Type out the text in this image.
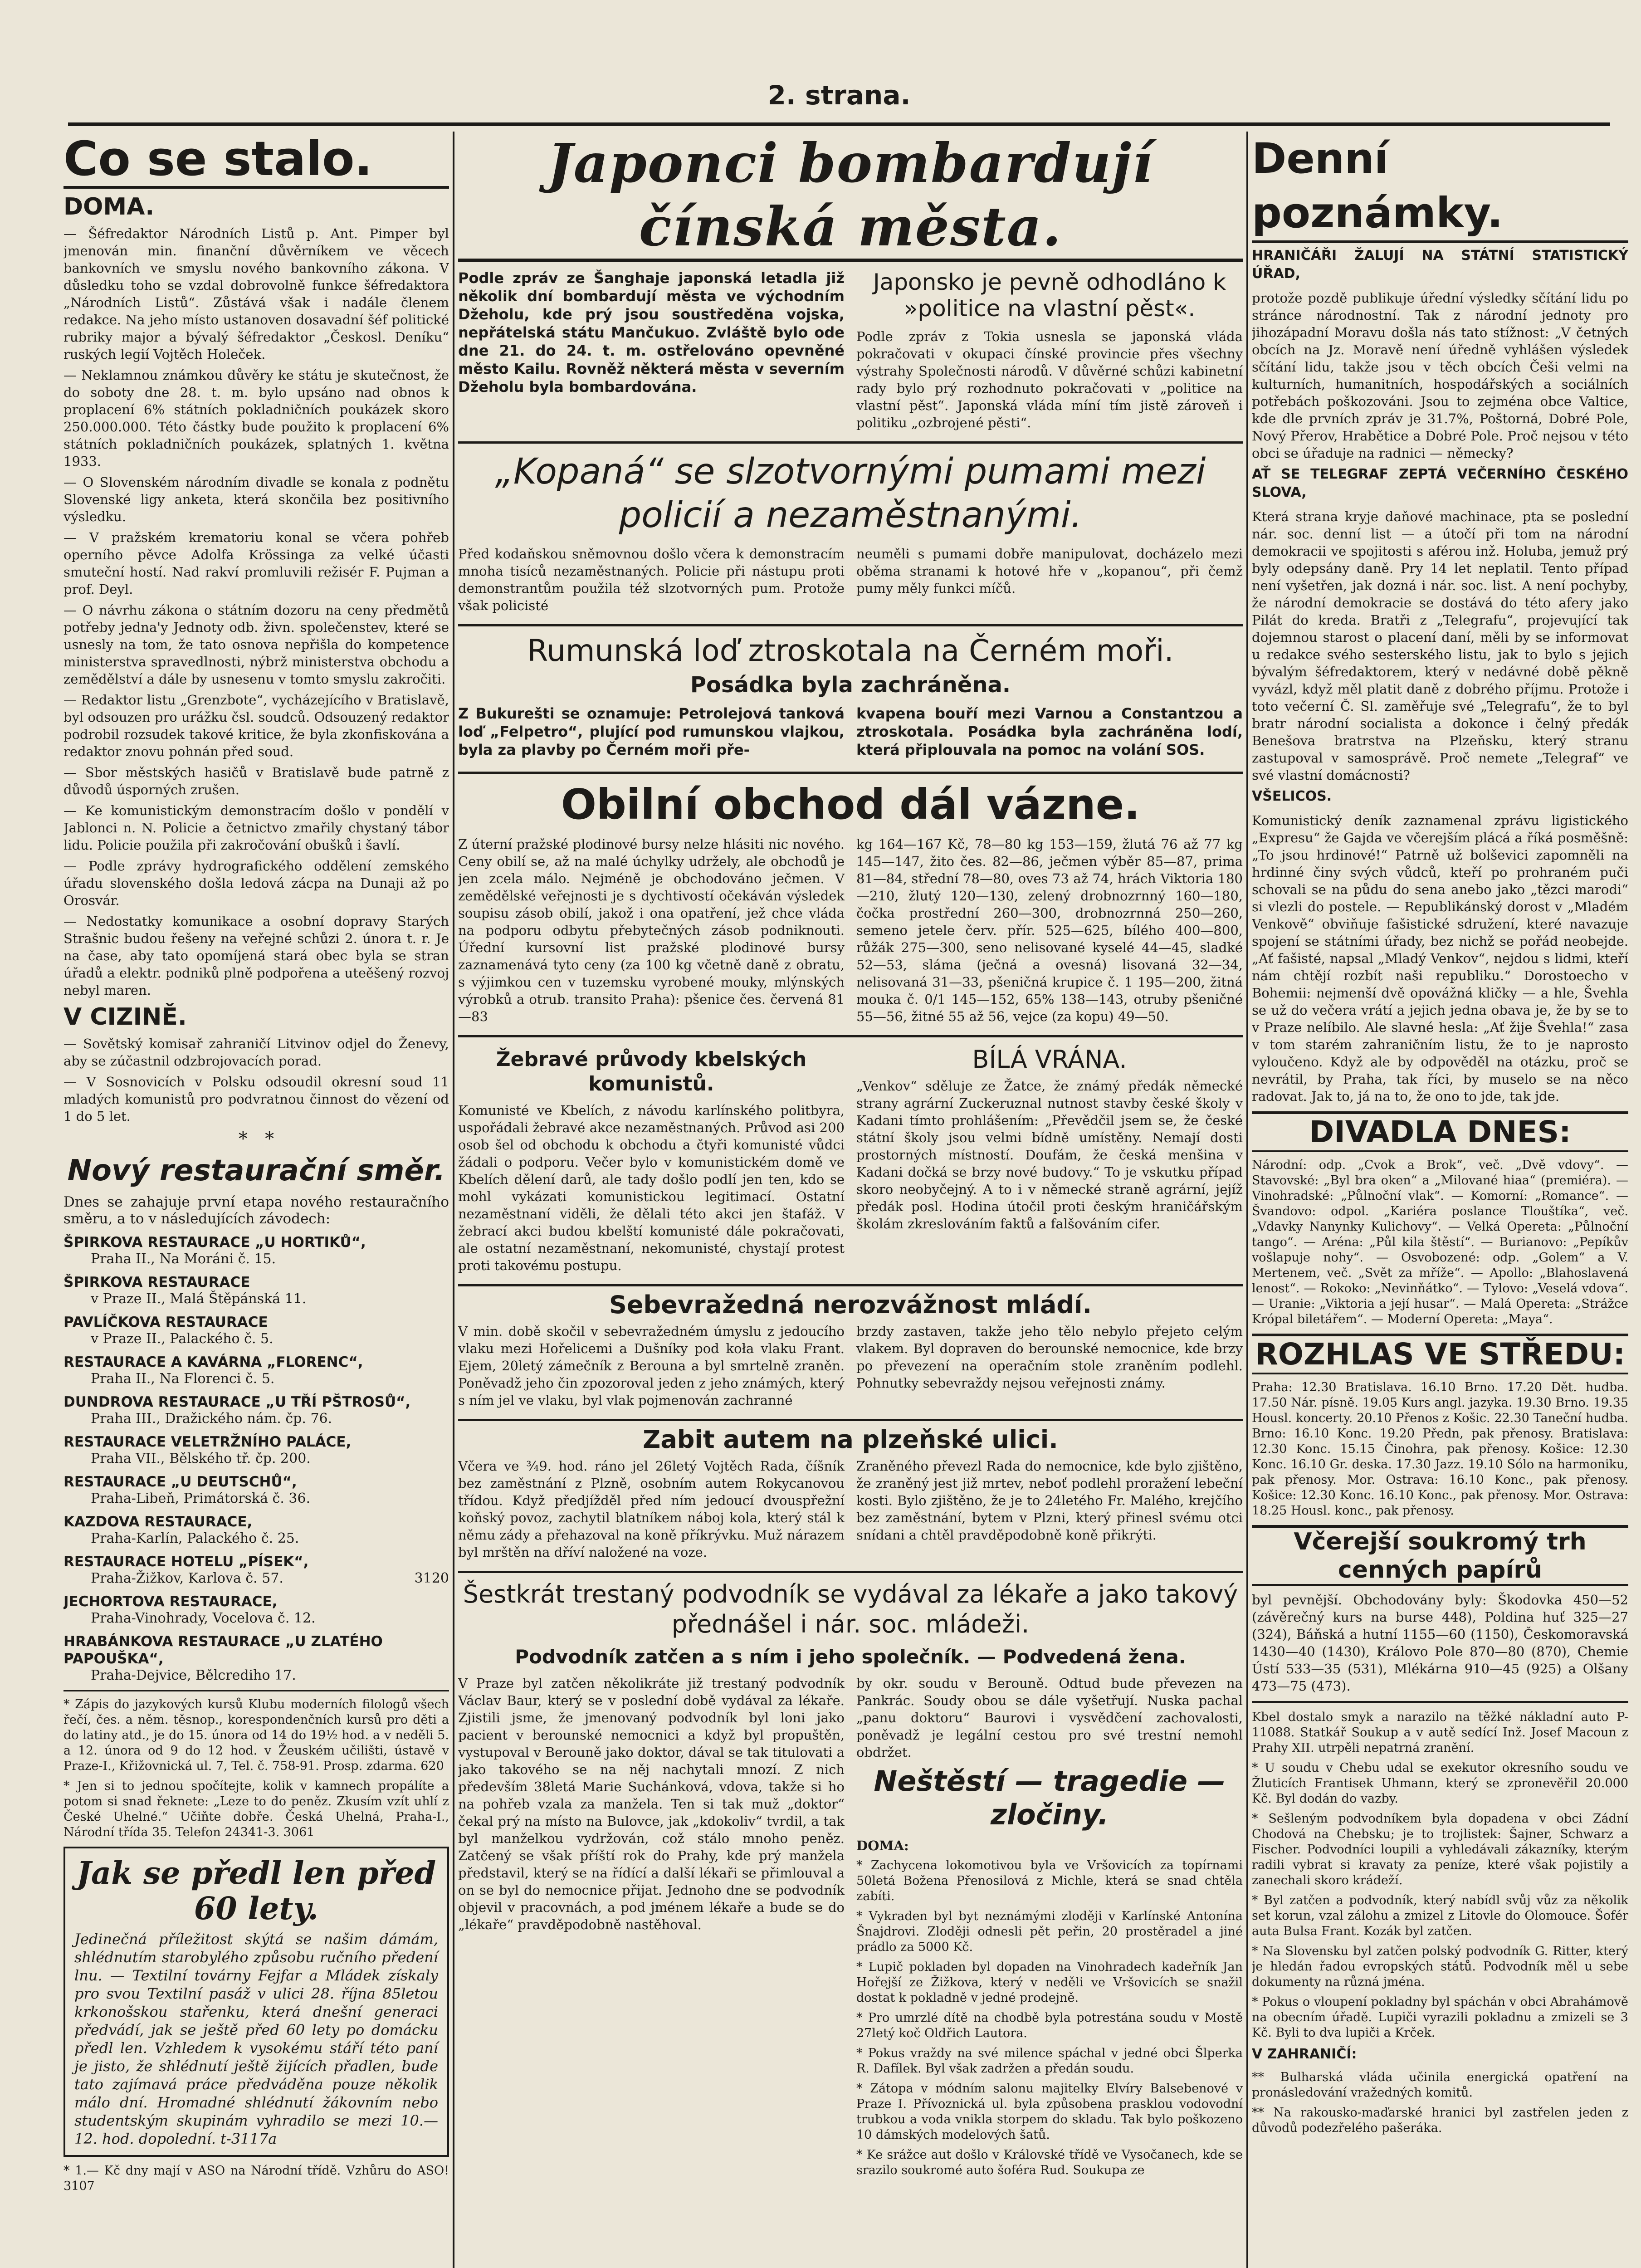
2. strana.
Co se stalo.
DOMA.

— Šéfredaktor Národních Listů p. Ant. Pimper byl jmenován min. finanční důvěrníkem ve věcech bankovních ve smyslu nového bankovního zákona. V důsledku toho se vzdal dobrovolně funkce šéfredaktora „Národních Listů“. Zůstává však i nadále členem redakce. Na jeho místo ustanoven dosavadní šéf politické rubriky major a bývalý šéfredaktor „Českosl. Deníku“ ruských legií Vojtěch Holeček.

— Neklamnou známkou důvěry ke státu je skutečnost, že do soboty dne 28. t. m. bylo upsáno nad obnos k proplacení 6% státních pokladničních poukázek skoro 250.000.000. Této částky bude použito k proplacení 6% státních pokladničních poukázek, splatných 1. května 1933.

— O Slovenském národním divadle se konala z podnětu Slovenské ligy anketa, která skončila bez positivního výsledku.

— V pražském krematoriu konal se včera pohřeb operního pěvce Adolfa Krössinga za velké účasti smuteční hostí. Nad rakví promluvili režisér F. Pujman a prof. Deyl.

— O návrhu zákona o státním dozoru na ceny předmětů potřeby jedna'y Jednoty odb. živn. společenstev, které se usnesly na tom, že tato osnova nepřišla do kompetence ministerstva spravedlnosti, nýbrž ministerstva obchodu a zemědělství a dále by usnesenu v tomto smyslu zakročiti.

— Redaktor listu „Grenzbote“, vycházejícího v Bratislavě, byl odsouzen pro urážku čsl. soudců. Odsouzený redaktor podrobil rozsudek takové kritice, že byla zkonfiskována a redaktor znovu pohnán před soud.

— Sbor městských hasičů v Bratislavě bude patrně z důvodů úsporných zrušen.

— Ke komunistickým demonstracím došlo v pondělí v Jablonci n. N. Policie a četnictvo zmařily chystaný tábor lidu. Policie použila při zakročování obušků i šavlí.

— Podle zprávy hydrografického oddělení zemského úřadu slovenského došla ledová zácpa na Dunaji až po Orosvár.

— Nedostatky komunikace a osobní dopravy Starých Strašnic budou řešeny na veřejné schůzi 2. února t. r. Je na čase, aby tato opomíjená stará obec byla se stran úřadů a elektr. podniků plně podpořena a uteěšený rozvoj nebyl maren.

V CIZINĚ.

— Sovětský komisař zahraničí Litvinov odjel do Ženevy, aby se zúčastnil odzbrojovacích porad.

— V Sosnovicích v Polsku odsoudil okresní soud 11 mladých komunistů pro podvratnou činnost do vězení od 1 do 5 let.

*   *
Nový restaurační směr.

Dnes se zahajuje první etapa nového restauračního směru, a to v následujících závodech:

ŠPIRKOVA RESTAURACE „U HORTIKŮ“,
Praha II., Na Moráni č. 15.
ŠPIRKOVA RESTAURACE
v Praze II., Malá Štěpánská 11.
PAVLÍČKOVA RESTAURACE
v Praze II., Palackého č. 5.
RESTAURACE A KAVÁRNA „FLORENC“,
Praha II., Na Florenci č. 5.
DUNDROVA RESTAURACE „U TŘÍ PŠTROSŮ“,
Praha III., Dražického nám. čp. 76.
RESTAURACE VELETRŽNÍHO PALÁCE,
Praha VII., Bělského tř. čp. 200.
RESTAURACE „U DEUTSCHŮ“,
Praha-Libeň, Primátorská č. 36.
KAZDOVA RESTAURACE,
Praha-Karlín, Palackého č. 25.
RESTAURACE HOTELU „PÍSEK“,
Praha-Žižkov, Karlova č. 57.	3120
JECHORTOVA RESTAURACE,
Praha-Vinohrady, Vocelova č. 12.
HRABÁNKOVA RESTAURACE „U ZLATÉHO PAPOUŠKA“,
Praha-Dejvice, Bělcrediho 17.

* Zápis do jazykových kursů Klubu moderních filologů všech řečí, čes. a něm. těsnop., korespondenčních kursů pro děti a do latiny atd., je do 15. února od 14 do 19½ hod. a v neděli 5. a 12. února od 9 do 12 hod. v Žeuském učilišti, ústavě v Praze-I., Křižovnická ul. 7, Tel. č. 758-91. Prosp. zdarma. 620

* Jen si to jednou spočítejte, kolik v kamnech propálíte a potom si snad řeknete: „Leze to do peněz. Zkusím vzít uhlí z České Uhelné.“ Učiňte dobře. Česká Uhelná, Praha-I., Národní třída 35. Telefon 24341-3. 3061

Jak se předl len před 60 lety.

Jedinečná příležitost skýtá se našim dámám, shlédnutím starobylého způsobu ručního předení lnu. — Textilní továrny Fejfar a Mládek získaly pro svou Textilní pasáž v ulici 28. října 85letou krkonošskou stařenku, která dnešní generaci předvádí, jak se ještě před 60 lety po domácku předl len. Vzhledem k vysokému stáří této paní je jisto, že shlédnutí ještě žijících přadlen, bude tato zajímavá práce předváděna pouze několik málo dní. Hromadné shlédnutí žákovním nebo studentským skupinám vyhradilo se mezi 10.—12. hod. dopolední. t-3117a

* 1.— Kč dny mají v ASO na Národní třídě. Vzhůru do ASO! 3107

Japonci bombardují čínská města.

Podle zpráv ze Šanghaje japonská letadla již několik dní bombardují města ve východním Džeholu, kde prý jsou soustředěna vojska, nepřátelská státu Mančukuo. Zvláště bylo ode dne 21. do 24. t. m. ostřelováno opevněné město Kailu. Rovněž některá města v severním Džeholu byla bombardována.

Japonsko je pevně odhodláno k »politice na vlastní pěst«.

Podle zpráv z Tokia usnesla se japonská vláda pokračovati v okupaci čínské provincie přes všechny výstrahy Společnosti národů. V důvěrné schůzi kabinetní rady bylo prý rozhodnuto pokračovati v „politice na vlastní pěst“. Japonská vláda míní tím jistě zároveň i politiku „ozbrojené pěsti“.

„Kopaná“ se slzotvornými pumami mezi policií a nezaměstnanými.

Před kodaňskou sněmovnou došlo včera k demonstracím mnoha tisíců nezaměstnaných. Policie při nástupu proti demonstrantům použila též slzotvorných pum. Protože však policisté

neuměli s pumami dobře manipulovat, docházelo mezi oběma stranami k hotové hře v „kopanou“, při čemž pumy měly funkci míčů.

Rumunská loď ztroskotala na Černém moři.
Posádka byla zachráněna.

Z Bukurešti se oznamuje: Petrolejová tanková loď „Felpetro“, plující pod rumunskou vlajkou, byla za plavby po Černém moři pře-

kvapena bouří mezi Varnou a Constantzou a ztroskotala. Posádka byla zachráněna lodí, která připlouvala na pomoc na volání SOS.

Obilní obchod dál vázne.

Z úterní pražské plodinové bursy nelze hlásiti nic nového. Ceny obilí se, až na malé úchylky udržely, ale obchodů je jen zcela málo. Nejméně je obchodováno ječmen. V zemědělské veřejnosti je s dychtivostí očekáván výsledek soupisu zásob obilí, jakož i ona opatření, jež chce vláda na podporu odbytu přebytečných zásob podniknouti. Úřední kursovní list pražské plodinové bursy zaznamenává tyto ceny (za 100 kg včetně daně z obratu, s výjimkou cen v tuzemsku vyrobené mouky, mlýnských výrobků a otrub. transito Praha): pšenice čes. červená 81—83

kg 164—167 Kč, 78—80 kg 153—159, žlutá 76 až 77 kg 145—147, žito čes. 82—86, ječmen výběr 85—87, prima 81—84, střední 78—80, oves 73 až 74, hrách Viktoria 180—210, žlutý 120—130, zelený drobnozrnný 160—180, čočka prostřední 260—300, drobnozrnná 250—260, semeno jetele červ. přír. 525—625, bílého 400—800, růžák 275—300, seno nelisované kyselé 44—45, sladké 52—53, sláma (ječná a ovesná) lisovaná 32—34, nelisovaná 31—33, pšeničná krupice č. 1 195—200, žitná mouka č. 0/1 145—152, 65% 138—143, otruby pšeničné 55—56, žitné 55 až 56, vejce (za kopu) 49—50.

Žebravé průvody kbelských komunistů.

Komunisté ve Kbelích, z návodu karlínského politbyra, uspořádali žebravé akce nezaměstnaných. Průvod asi 200 osob šel od obchodu k obchodu a čtyři komunisté vůdci žádali o podporu. Večer bylo v komunistickém domě ve Kbelích dělení darů, ale tady došlo podlí jen ten, kdo se mohl vykázati komunistickou legitimací. Ostatní nezaměstnaní viděli, že dělali této akci jen štafáž. V žebrací akci budou kbelští komunisté dále pokračovati, ale ostatní nezaměstnaní, nekomunisté, chystají protest proti takovému postupu.

BÍLÁ VRÁNA.

„Venkov“ sděluje ze Žatce, že známý předák německé strany agrární Zuckeruznal nutnost stavby české školy v Kadani tímto prohlášením: „Převědčil jsem se, že české státní školy jsou velmi bídně umístěny. Nemají dosti prostorných místností. Doufám, že česká menšina v Kadani dočká se brzy nové budovy.“ To je vskutku případ skoro neobyčejný. A to i v německé straně agrární, jejíž předák posl. Hodina útočil proti českým hraničářským školám zkreslováním faktů a falšováním cifer.

Sebevražedná nerozvážnost mládí.

V min. době skočil v sebevražedném úmyslu z jedoucího vlaku mezi Hořelicemi a Dušníky pod koła vlaku Frant. Ejem, 20letý zámečník z Berouna a byl smrtelně zraněn. Poněvadž jeho čin zpozoroval jeden z jeho známých, který s ním jel ve vlaku, byl vlak pojmenován zachranné

brzdy zastaven, takže jeho tělo nebylo přejeto celým vlakem. Byl dopraven do berounské nemocnice, kde brzy po převezení na operačním stole zraněním podlehl. Pohnutky sebevraždy nejsou veřejnosti známy.

Zabit autem na plzeňské ulici.

Včera ve ¾9. hod. ráno jel 26letý Vojtěch Rada, číšník bez zaměstnání z Plzně, osobním autem Rokycanovou třídou. Když předjížděl před ním jedoucí dvouspřežní koňský povoz, zachytil blatníkem náboj kola, který stál k němu zády a přehazoval na koně příkrývku. Muž nárazem byl mrštěn na dříví naložené na voze.

Zraněného převezl Rada do nemocnice, kde bylo zjištěno, že zraněný jest již mrtev, neboť podlehl proražení lebeční kosti. Bylo zjištěno, že je to 24letého Fr. Malého, krejčího bez zaměstnání, bytem v Plzni, který přinesl svému otci snídani a chtěl pravděpodobně koně přikrýti.

Šestkrát trestaný podvodník se vydával za lékaře a jako takový přednášel i nár. soc. mládeži.
Podvodník zatčen a s ním i jeho společník. — Podvedená žena.

V Praze byl zatčen několikráte již trestaný podvodník Václav Baur, který se v poslední době vydával za lékaře. Zjistili jsme, že jmenovaný podvodník byl loni jako pacient v berounské nemocnici a když byl propuštěn, vystupoval v Berouně jako doktor, dával se tak titulovati a jako takového se na něj nachytali mnozí. Z nich především 38letá Marie Suchánková, vdova, takže si ho na pohřeb vzala za manžela. Ten si tak muž „doktor“ čekal prý na místo na Bulovce, jak „kdokoliv“ tvrdil, a tak byl manželkou vydržován, což stálo mnoho peněz. Zatčený se však příští rok do Prahy, kde prý manžela představil, který se na řídící a další lékaři se přimlouval a on se byl do nemocnice přijat. Jednoho dne se podvodník objevil v pracovnách, a pod jménem lékaře a bude se do „lékaře“ pravděpodobně nastěhoval.

by okr. soudu v Berouně. Odtud bude převezen na Pankrác. Soudy obou se dále vyšetřují. Nuska pachal „panu doktoru“ Baurovi i vysvědčení zachovalosti, poněvadž je legální cestou pro své trestní nemohl obdržet.

Neštěstí — tragedie — zločiny.

DOMA:

* Zachycena lokomotivou byla ve Vršovicích za topírnami 50letá Božena Přenosilová z Michle, která se snad chtěla zabíti.

* Vykraden byl byt neznámými zloději v Karlínské Antonína Šnajdrovi. Zloději odnesli pět peřin, 20 prostěradel a jiné prádlo za 5000 Kč.

* Lupič pokladen byl dopaden na Vinohradech kadeřník Jan Hořejší ze Žižkova, který v neděli ve Vršovicích se snažil dostat k pokladně v jedné prodejně.

* Pro umrzlé dítě na chodbě byla potrestána soudu v Mostě 27letý koč Oldřich Lautora.

* Pokus vraždy na své milence spáchal v jedné obci Šlperka R. Dafílek. Byl však zadržen a předán soudu.

* Zátopa v módním salonu majitelky Elvíry Balsebenové v Praze I. Přívoznická ul. byla způsobena prasklou vodovodní trubkou a voda vnikla storpem do skladu. Tak bylo poškozeno 10 dámských modelových šatů.

* Ke srážce aut došlo v Královské třídě ve Vysočanech, kde se srazilo soukromé auto šoféra Rud. Soukupa ze

Denní poznámky.

HRANIČÁŘI ŽALUJÍ NA STÁTNÍ STATISTICKÝ ÚŘAD,

protože pozdě publikuje úřední výsledky sčítání lidu po stránce národnostní. Tak z národní jednoty pro jihozápadní Moravu došla nás tato stížnost: „V četných obcích na Jz. Moravě není úředně vyhlášen výsledek sčítání lidu, takže jsou v těch obcích Češi velmi na kulturních, humanitních, hospodářských a sociálních potřebách poškozováni. Jsou to zejména obce Valtice, kde dle prvních zpráv je 31.7%, Poštorná, Dobré Pole, Nový Přerov, Hrabětice a Dobré Pole. Proč nejsou v této obci se úřaduje na radnici — německy?

AŤ SE TELEGRAF ZEPTÁ VEČERNÍHO ČESKÉHO SLOVA,

Která strana kryje daňové machinace, pta se poslední nár. soc. denní list — a útočí při tom na národní demokracii ve spojitosti s aférou inž. Holuba, jemuž prý byly odepsány daně. Pry 14 let neplatil. Tento případ není vyšetřen, jak dozná i nár. soc. list. A není pochyby, že národní demokracie se dostává do této afery jako Pilát do kreda. Bratři z „Telegrafu“, projevující tak dojemnou starost o placení daní, měli by se informovat u redakce svého sesterského listu, jak to bylo s jejich bývalým šéfredaktorem, který v nedávné době pěkně vyvázl, když měl platit daně z dobrého příjmu. Protože i toto večerní Č. Sl. zaměřuje své „Telegrafu“, že to byl bratr národní socialista a dokonce i čelný předák Benešova bratrstva na Plzeňsku, který stranu zastupoval v samosprávě. Proč nemete „Telegraf“ ve své vlastní domácnosti?

VŠELICOS.

Komunistický deník zaznamenal zprávu ligistického „Expresu“ že Gajda ve včerejším plácá a říká posměšně: „To jsou hrdinové!“ Patrně už bolševici zapomněli na hrdinné činy svých vůdců, kteří po prohraném puči schovali se na půdu do sena anebo jako „tězci marodi“ si vlezli do postele. — Republikánský dorost v „Mladém Venkově“ obviňuje fašistické sdružení, které navazuje spojení se státními úřady, bez nichž se pořád neobejde. „Ať fašisté, napsal „Mladý Venkov“, nejdou s lidmi, kteří nám chtějí rozbít naši republiku.“ Dorostoecho v Bohemii: nejmenší dvě opovážná kličky — a hle, Švehla se už do večera vrátí a jejich jedna obava je, že by se to v Praze nelíbilo. Ale slavné hesla: „Ať žije Švehla!“ zasa v tom starém zahraničním listu, že to je naprosto vyloučeno. Když ale by odpověděl na otázku, proč se nevrátil, by Praha, tak říci, by muselo se na něco radovat. Jak to, já na to, že ono to jde, tak jde.

DIVADLA DNES:

Národní: odp. „Cvok a Brok“, več. „Dvě vdovy“. — Stavovské: „Byl bra oken“ a „Milované hiaa“ (premiéra). — Vinohradské: „Půlnoční vlak“. — Komorní: „Romance“. — Švandovo: odpol. „Kariéra poslance Tlouštíka“, več. „Vdavky Nanynky Kulichovy“. — Velká Opereta: „Půlnoční tango“. — Aréna: „Půl kila štěstí“. — Burianovo: „Pepíkův vošlapuje nohy“. — Osvobozené: odp. „Golem“ a V. Mertenem, več. „Svět za mříže“. — Apollo: „Blahoslavená lenost“. — Rokoko: „Nevinňátko“. — Tylovo: „Veselá vdova“. — Uranie: „Viktoria a její husar“. — Malá Opereta: „Strážce Krópal biletářem“. — Moderní Opereta: „Maya“.

ROZHLAS VE STŘEDU:

Praha: 12.30 Bratislava. 16.10 Brno. 17.20 Dět. hudba. 17.50 Nár. písně. 19.05 Kurs angl. jazyka. 19.30 Brno. 19.35 Housl. koncerty. 20.10 Přenos z Košic. 22.30 Taneční hudba. Brno: 16.10 Konc. 19.20 Předn, pak přenosy. Bratislava: 12.30 Konc. 15.15 Činohra, pak přenosy. Košice: 12.30 Konc. 16.10 Gr. deska. 17.30 Jazz. 19.10 Sólo na harmoniku, pak přenosy. Mor. Ostrava: 16.10 Konc., pak přenosy. Košice: 12.30 Konc. 16.10 Konc., pak přenosy. Mor. Ostrava: 18.25 Housl. konc., pak přenosy.

Včerejší soukromý trh cenných papírů

byl pevnější. Obchodovány byly: Škodovka 450—52 (závěrečný kurs na burse 448), Poldina huť 325—27 (324), Báňská a hutní 1155—60 (1150), Českomoravská 1430—40 (1430), Královo Pole 870—80 (870), Chemie Ústí 533—35 (531), Mlékárna 910—45 (925) a Olšany 473—75 (473).

Kbel dostalo smyk a narazilo na těžké nákladní auto P-11088. Statkář Soukup a v autě sedící Inž. Josef Macoun z Prahy XII. utrpěli nepatrná zranění.

* U soudu v Chebu udal se exekutor okresního soudu ve Žluticích Frantisek Uhmann, který se zpronevěřil 20.000 Kč. Byl dodán do vazby.

* Sešleným podvodníkem byla dopadena v obci Zádní Chodová na Chebsku; je to trojlistek: Šajner, Schwarz a Fischer. Podvodníci loupili a vyhledávali zákazníky, kterým radili vybrat si kravaty za peníze, které však pojistily a zanechali skoro krádeží.

* Byl zatčen a podvodník, který nabídl svůj vůz za několik set korun, vzal zálohu a zmizel z Litovle do Olomouce. Šofér auta Bulsa Frant. Kozák byl zatčen.

* Na Slovensku byl zatčen polský podvodník G. Ritter, který je hledán řadou evropských států. Podvodník měl u sebe dokumenty na různá jména.

* Pokus o vloupení pokladny byl spáchán v obci Abrahámově na obecním úřadě. Lupiči vyrazili pokladnu a zmizeli se 3 Kč. Byli to dva lupiči a Krček.

V ZAHRANIČÍ:

** Bulharská vláda učinila energická opatření na pronásledování vražedných komitů.

** Na rakousko-maďarské hranici byl zastřelen jeden z důvodů podezřelého pašeráka.
